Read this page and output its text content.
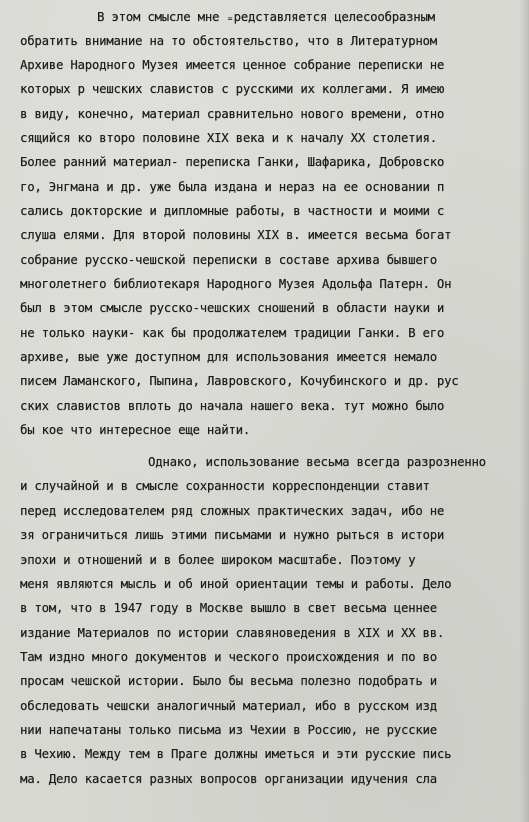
В этом смысле мне ₌редставляется целесообразным
обратить внимание на то обстоятельство, что в Литературном
Архиве Народного Музея имеется ценное собрание переписки не
которых р чешских славистов с русскими их коллегами. Я имею
в виду, конечно, материал сравнительно нового времени, отно
сящийся ко второ половине XIX века и к началу XX столетия.
Более ранний материал- переписка Ганки, Шафарика, Добровско
го, Энгмана и др. уже была издана и нераз на ее основании п
сались докторские и дипломные работы, в частности и моими с
слуша елями. Для второй половины XIX в. имеется весьма богат
собрание русско-чешской переписки в составе архива бывшего
многолетнего библиотекаря Народного Музея Адольфа Патерн. Он
был в этом смысле русско-чешских сношений в области науки и
не только науки- как бы продолжателем традиции Ганки. В его
архиве, вые уже доступном для использования имеется немало
писем Ламанского, Пыпина, Лавровского, Кочубинского и др. рус
ских славистов вплоть до начала нашего века. тут можно было
бы кое что интересное еще найти.
Однако, использование весьма всегда разрозненно
и случайной и в смысле сохранности корреспонденции ставит
перед исследователем ряд сложных практических задач, ибо не
зя ограничиться лишь этими письмами и нужно рыться в истори
эпохи и отношений и в более широком масштабе. Поэтому у
меня являются мысль и об иной ориентации темы и работы. Дело
в том, что в 1947 году в Москве вышло в свет весьма ценнее
издание Материалов по истории славяноведения в XIX и XX вв.
Там издно много документов и ческого происхождения и по во
просам чешской истории. Было бы весьма полезно подобрать и
обследовать чешски аналогичный материал, ибо в русском изд
нии напечатаны только письма из Чехии в Россию, не русские
в Чехию. Между тем в Праге должны иметься и эти русские пись
ма. Дело касается разных вопросов организации идучения сла
